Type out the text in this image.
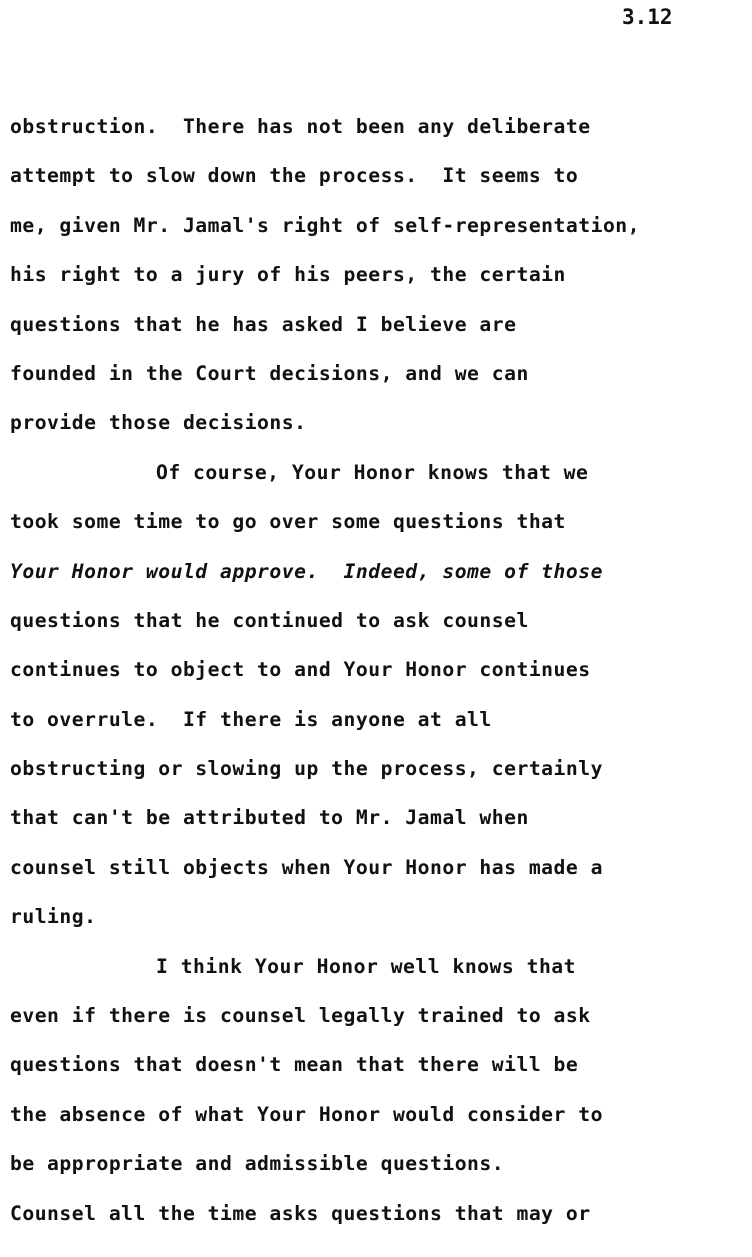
3.12
obstruction.  There has not been any deliberate
attempt to slow down the process.  It seems to
me, given Mr. Jamal's right of self-representation,
his right to a jury of his peers, the certain
questions that he has asked I believe are
founded in the Court decisions, and we can
provide those decisions.
Of course, Your Honor knows that we
took some time to go over some questions that
Your Honor would approve.  Indeed, some of those
questions that he continued to ask counsel
continues to object to and Your Honor continues
to overrule.  If there is anyone at all
obstructing or slowing up the process, certainly
that can't be attributed to Mr. Jamal when
counsel still objects when Your Honor has made a
ruling.
I think Your Honor well knows that
even if there is counsel legally trained to ask
questions that doesn't mean that there will be
the absence of what Your Honor would consider to
be appropriate and admissible questions.
Counsel all the time asks questions that may or
